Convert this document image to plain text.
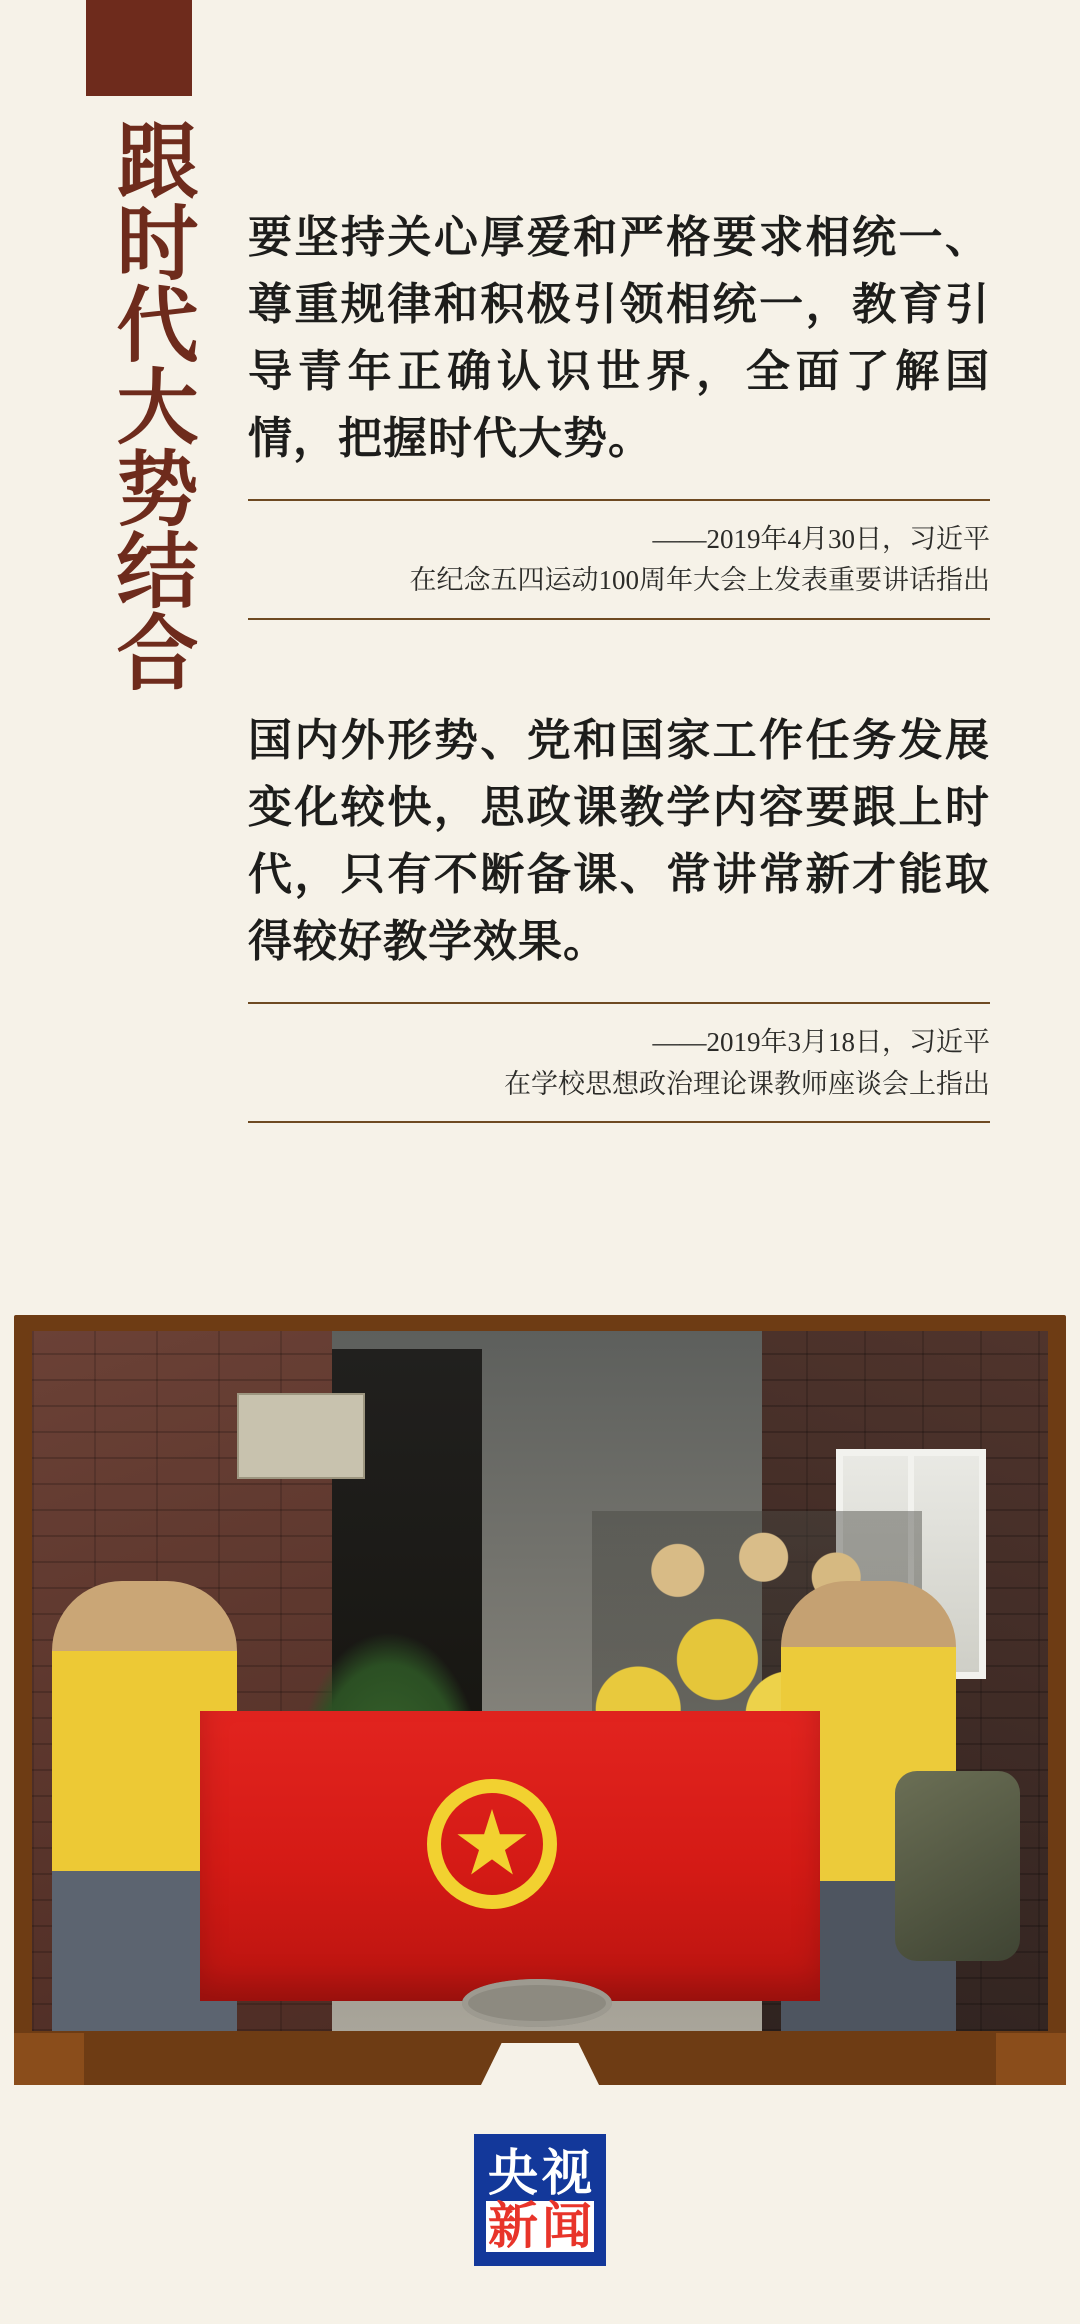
跟时代大势结合 要坚持关心厚爱和严格要求相统一、尊重规律和积极引领相统一，教育引导青年正确认识世界，全面了解国情，把握时代大势。
——2019年4月30日，习近平
在纪念五四运动100周年大会上发表重要讲话指出
国内外形势、党和国家工作任务发展变化较快，思政课教学内容要跟上时代，只有不断备课、常讲常新才能取得较好教学效果。
——2019年3月18日，习近平
在学校思想政治理论课教师座谈会上指出
央 视
新 闻
